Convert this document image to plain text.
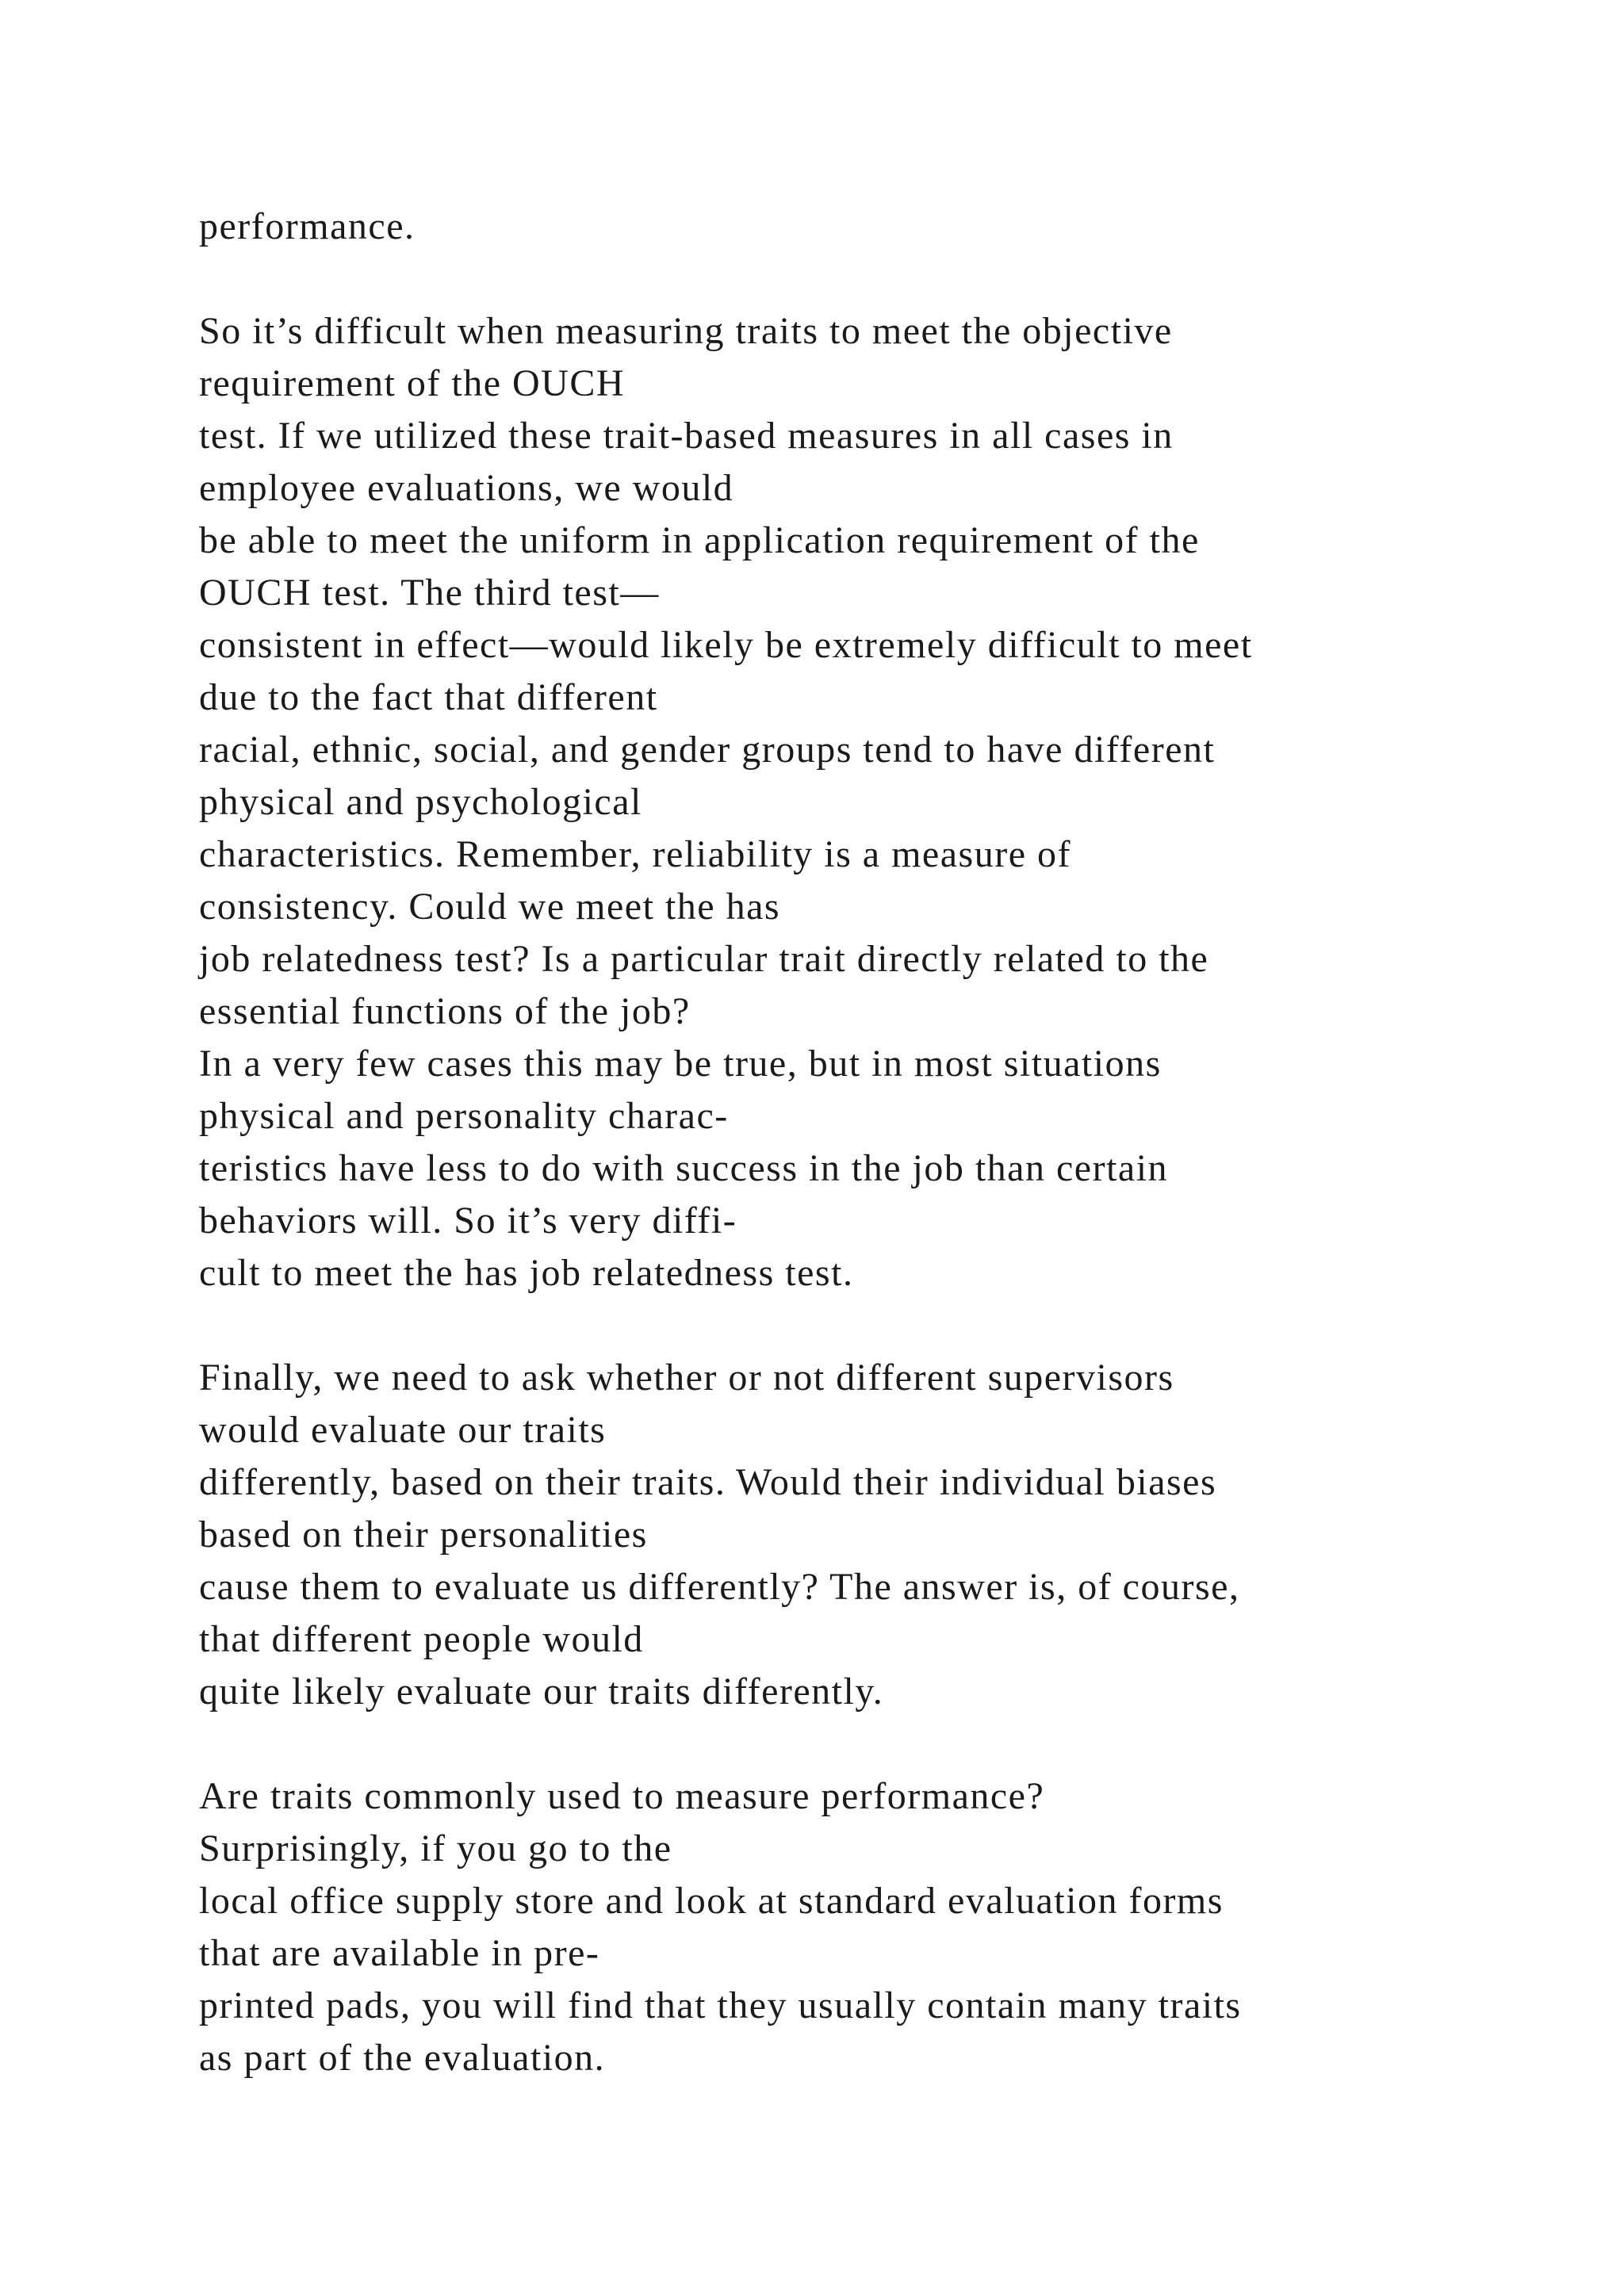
performance.
So it’s difficult when measuring traits to meet the objective
requirement of the OUCH
test. If we utilized these trait-based measures in all cases in
employee evaluations, we would
be able to meet the uniform in application requirement of the
OUCH test. The third test—
consistent in effect—would likely be extremely difficult to meet
due to the fact that different
racial, ethnic, social, and gender groups tend to have different
physical and psychological
characteristics. Remember, reliability is a measure of
consistency. Could we meet the has
job relatedness test? Is a particular trait directly related to the
essential functions of the job?
In a very few cases this may be true, but in most situations
physical and personality charac-
teristics have less to do with success in the job than certain
behaviors will. So it’s very diffi-
cult to meet the has job relatedness test.
Finally, we need to ask whether or not different supervisors
would evaluate our traits
differently, based on their traits. Would their individual biases
based on their personalities
cause them to evaluate us differently? The answer is, of course,
that different people would
quite likely evaluate our traits differently.
Are traits commonly used to measure performance?
Surprisingly, if you go to the
local office supply store and look at standard evaluation forms
that are available in pre-
printed pads, you will find that they usually contain many traits
as part of the evaluation.
